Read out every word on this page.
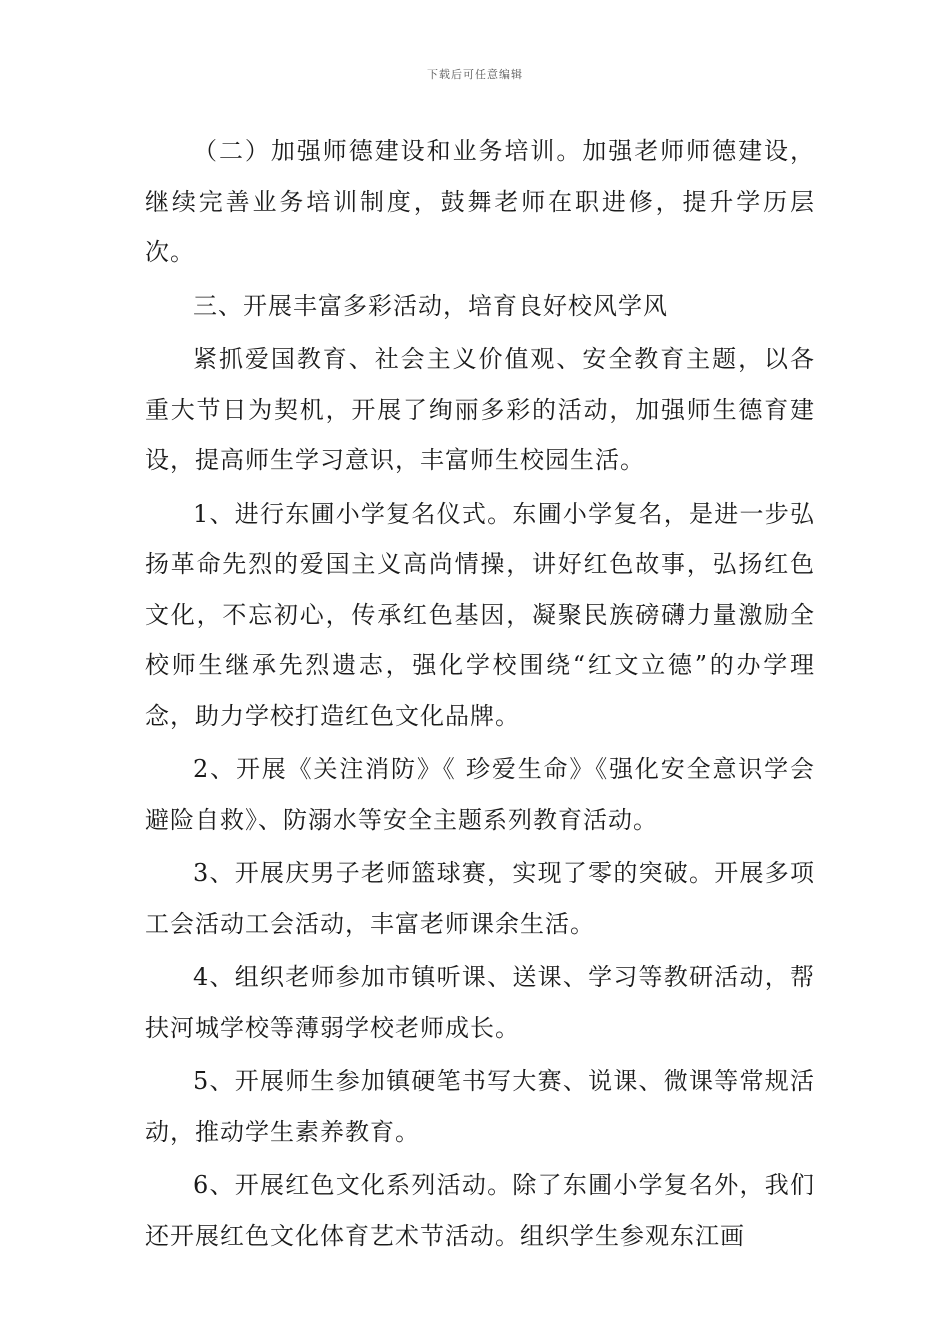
下载后可任意编辑

（二）加强师德建设和业务培训。加强老师师德建设，继续完善业务培训制度，鼓舞老师在职进修，提升学历层次。

三、开展丰富多彩活动，培育良好校风学风

紧抓爱国教育、社会主义价值观、安全教育主题，以各重大节日为契机，开展了绚丽多彩的活动，加强师生德育建设，提高师生学习意识，丰富师生校园生活。

1、进行东圃小学复名仪式。东圃小学复名，是进一步弘扬革命先烈的爱国主义高尚情操，讲好红色故事，弘扬红色文化，不忘初心，传承红色基因，凝聚民族磅礴力量激励全校师生继承先烈遗志，强化学校围绕“红文立德”的办学理念，助力学校打造红色文化品牌。

2、开展《关注消防》《 珍爱生命》《强化安全意识学会避险自救》、防溺水等安全主题系列教育活动。

3、开展庆男子老师篮球赛，实现了零的突破。开展多项工会活动工会活动，丰富老师课余生活。

4、组织老师参加市镇听课、送课、学习等教研活动，帮扶河城学校等薄弱学校老师成长。

5、开展师生参加镇硬笔书写大赛、说课、微课等常规活动，推动学生素养教育。

6、开展红色文化系列活动。除了东圃小学复名外，我们还开展红色文化体育艺术节活动。组织学生参观东江画
